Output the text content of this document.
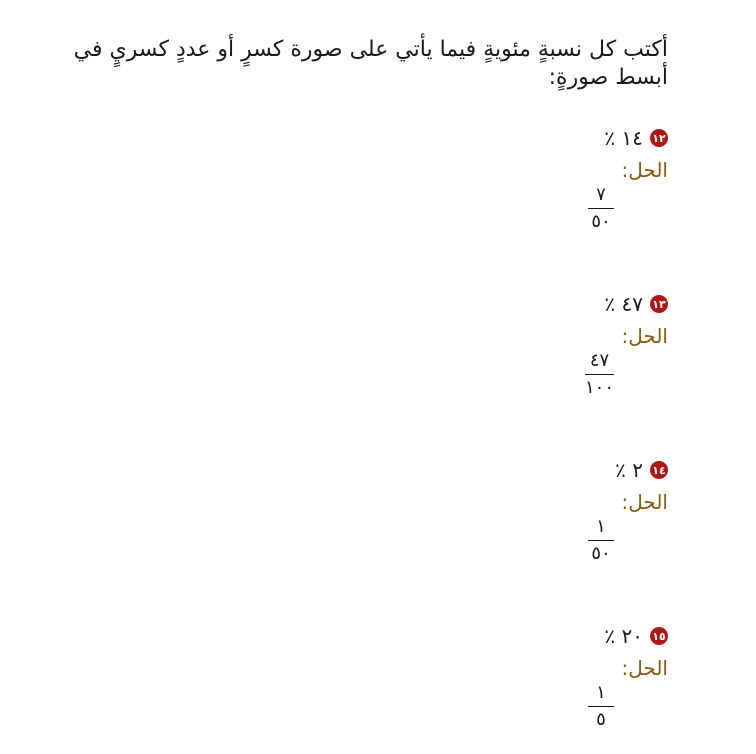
أكتب كل نسبةٍ مئويةٍ فيما يأتي على صورة كسرٍ أو عددٍ كسريٍ في أبسط صورةٍ:
١٢
١٤ ٪
الحل:
$\frac{٧}{٥٠}$
١٣
٤٧ ٪
الحل:
$\frac{٤٧}{١٠٠}$
١٤
٢ ٪
الحل:
$\frac{١}{٥٠}$
١٥
٢٠ ٪
الحل:
$\frac{١}{٥}$
